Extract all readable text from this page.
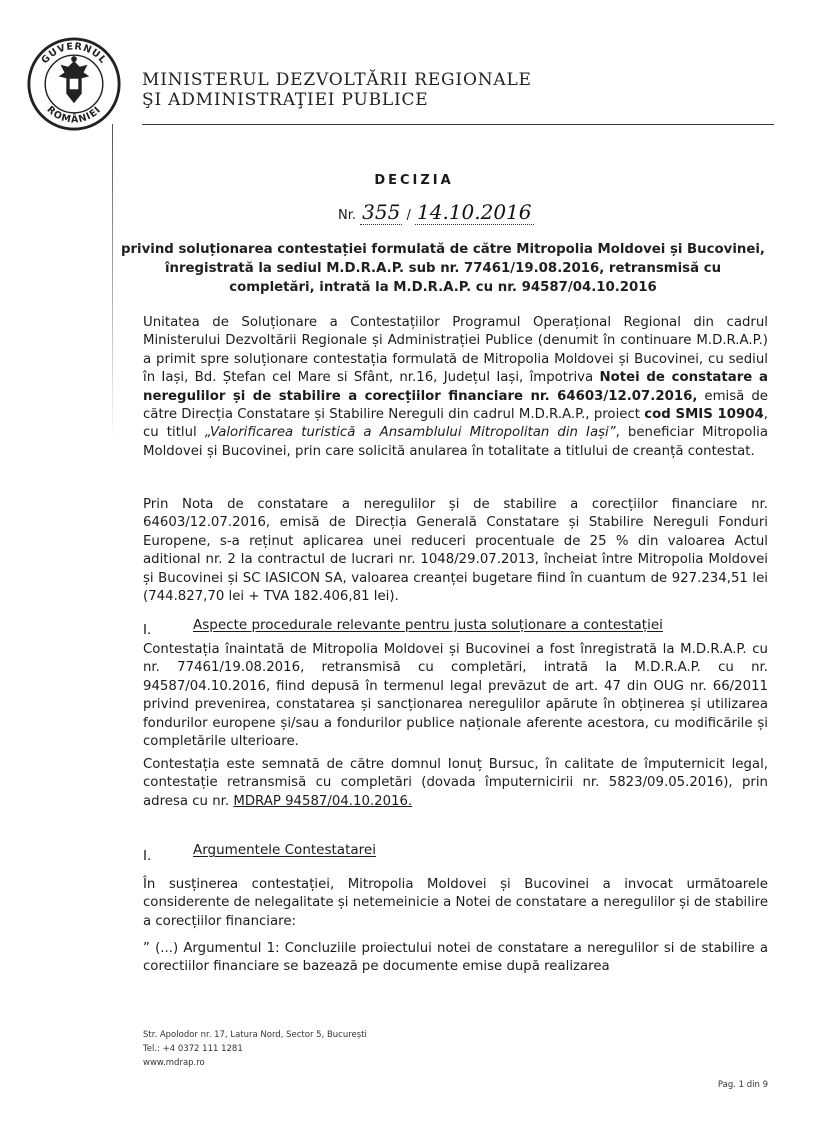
GUVERNUL
ROMÂNIEI
MINISTERUL DEZVOLTĂRII REGIONALE
ŞI ADMINISTRAŢIEI PUBLICE
DECIZIA
Nr. 355 / 14.10.2016
privind soluționarea contestației formulată de către Mitropolia Moldovei și Bucovinei, înregistrată la sediul M.D.R.A.P. sub nr. 77461/19.08.2016, retransmisă cu completări, intrată la M.D.R.A.P. cu nr. 94587/04.10.2016
Unitatea de Soluționare a Contestațiilor Programul Operațional Regional din cadrul Ministerului Dezvoltării Regionale și Administrației Publice (denumit în continuare M.D.R.A.P.) a primit spre soluționare contestația formulată de Mitropolia Moldovei și Bucovinei, cu sediul în Iași, Bd. Ștefan cel Mare si Sfânt, nr.16, Județul Iași, împotriva Notei de constatare a neregulilor și de stabilire a corecțiilor financiare nr. 64603/12.07.2016, emisă de către Direcția Constatare și Stabilire Nereguli din cadrul M.D.R.A.P., proiect cod SMIS 10904, cu titlul „Valorificarea turistică a Ansamblului Mitropolitan din Iași”, beneficiar Mitropolia Moldovei și Bucovinei, prin care solicită anularea în totalitate a titlului de creanță contestat.
Prin Nota de constatare a neregulilor și de stabilire a corecțiilor financiare nr. 64603/12.07.2016, emisă de Direcția Generală Constatare și Stabilire Nereguli Fonduri Europene, s-a reținut aplicarea unei reduceri procentuale de 25 % din valoarea Actul aditional nr. 2 la contractul de lucrari nr. 1048/29.07.2013, încheiat între Mitropolia Moldovei și Bucovinei și SC IASICON SA, valoarea creanței bugetare fiind în cuantum de 927.234,51 lei (744.827,70 lei + TVA 182.406,81 lei).
I.	Aspecte procedurale relevante pentru justa soluționare a contestației
Contestația înaintată de Mitropolia Moldovei și Bucovinei a fost înregistrată la M.D.R.A.P. cu nr. 77461/19.08.2016, retransmisă cu completări, intrată la M.D.R.A.P. cu nr. 94587/04.10.2016, fiind depusă în termenul legal prevăzut de art. 47 din OUG nr. 66/2011 privind prevenirea, constatarea și sancționarea neregulilor apărute în obținerea și utilizarea fondurilor europene și/sau a fondurilor publice naționale aferente acestora, cu modificările și completările ulterioare.
Contestația este semnată de către domnul Ionuț Bursuc, în calitate de împuternicit legal, contestație retransmisă cu completări (dovada împuternicirii nr. 5823/09.05.2016), prin adresa cu nr. MDRAP 94587/04.10.2016.
I.	Argumentele Contestatarei
În susținerea contestației, Mitropolia Moldovei și Bucovinei a invocat următoarele considerente de nelegalitate și netemeinicie a Notei de constatare a neregulilor și de stabilire a corecțiilor financiare:
” (...) Argumentul 1: Concluziile proiectului notei de constatare a neregulilor si de stabilire a corectiilor financiare se bazează pe documente emise după realizarea
Str. Apolodor nr. 17, Latura Nord, Sector 5, București
Tel.: +4 0372 111 1281
www.mdrap.ro
Pag. 1 din 9
